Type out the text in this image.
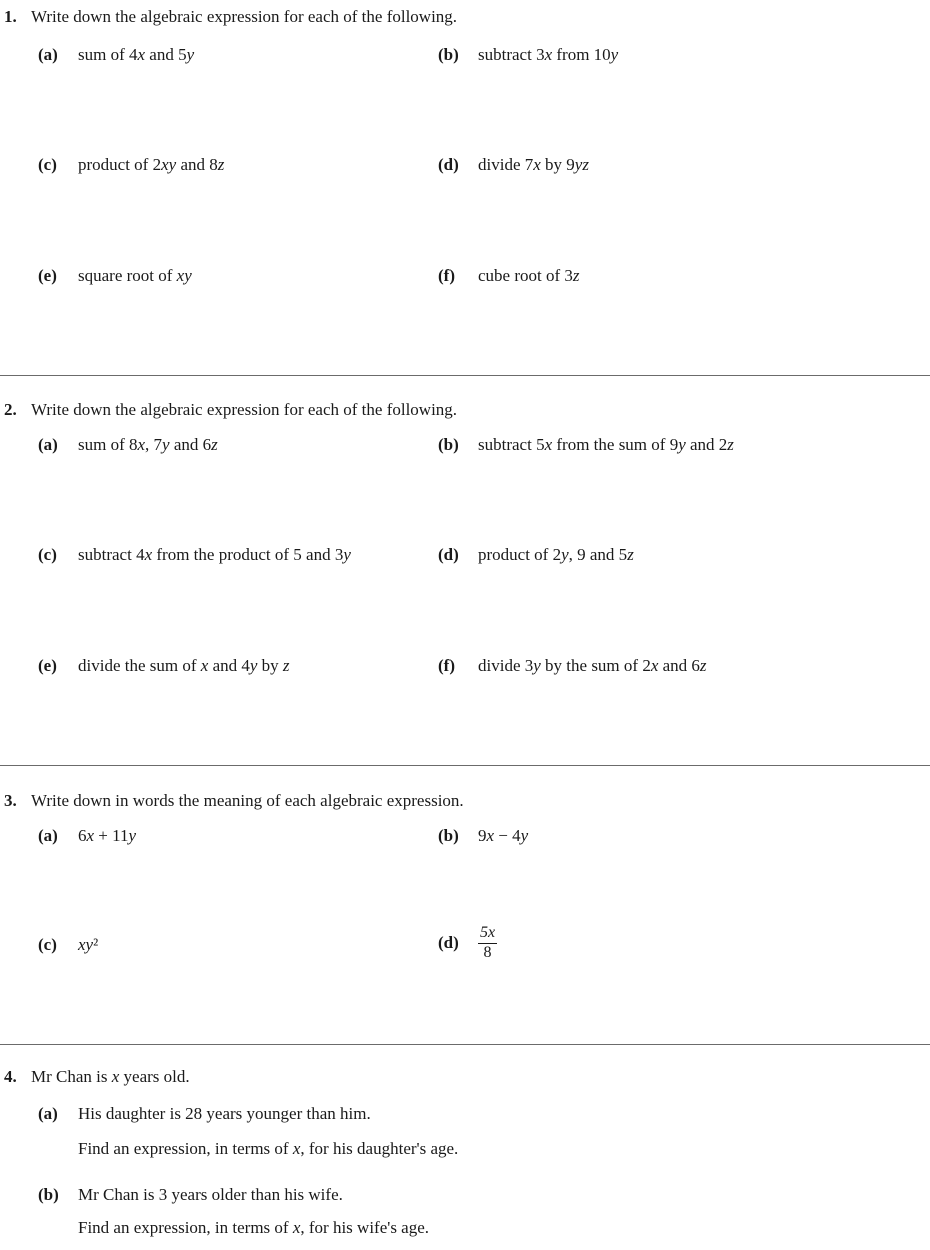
1. Write down the algebraic expression for each of the following.
(a) sum of 4x and 5y	(b) subtract 3x from 10y
(c) product of 2xy and 8z	(d) divide 7x by 9yz
(e) square root of xy	(f) cube root of 3z
2. Write down the algebraic expression for each of the following.
(a) sum of 8x, 7y and 6z	(b) subtract 5x from the sum of 9y and 2z
(c) subtract 4x from the product of 5 and 3y	(d) product of 2y, 9 and 5z
(e) divide the sum of x and 4y by z	(f) divide 3y by the sum of 2x and 6z
3. Write down in words the meaning of each algebraic expression.
(a) 6x + 11y	(b) 9x − 4y
(c) xy²	$(d) \frac{5x}{8}$
4. Mr Chan is x years old.
(a) His daughter is 28 years younger than him.
Find an expression, in terms of x, for his daughter's age.
(b) Mr Chan is 3 years older than his wife.
Find an expression, in terms of x, for his wife's age.
